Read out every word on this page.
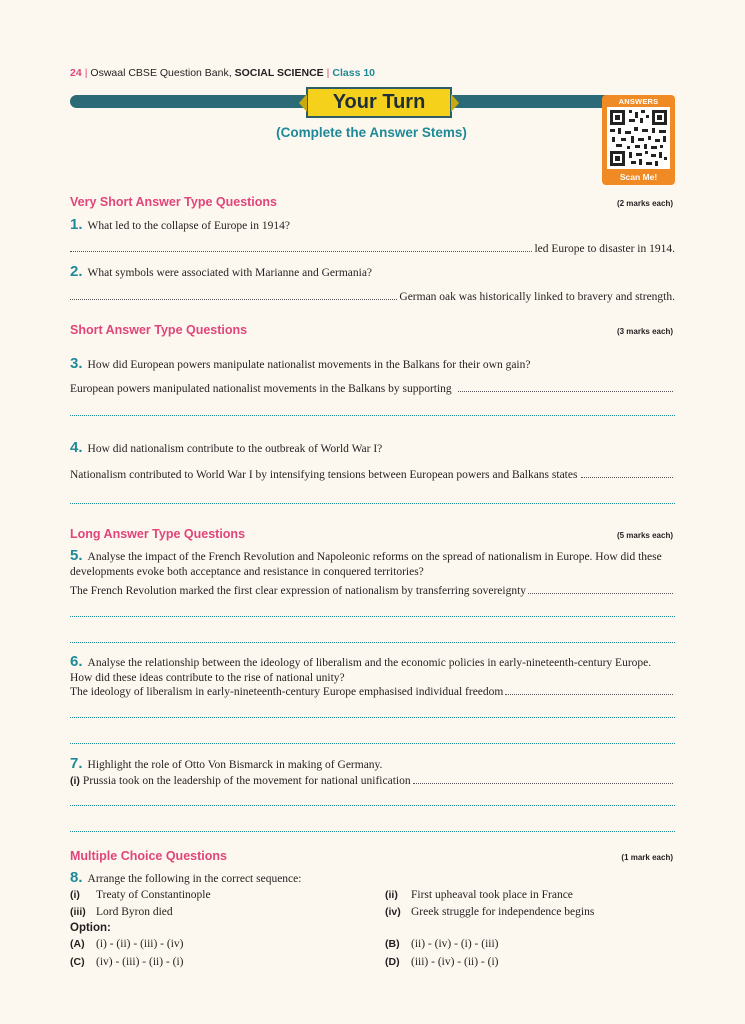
24 | Oswaal CBSE Question Bank, SOCIAL SCIENCE | Class 10
Your Turn
(Complete the Answer Stems)
ANSWERS
Scan Me!
Very Short Answer Type Questions	(2 marks each)
1. What led to the collapse of Europe in 1914?
led Europe to disaster in 1914.
2. What symbols were associated with Marianne and Germania?
German oak was historically linked to bravery and strength.
Short Answer Type Questions	(3 marks each)
3. How did European powers manipulate nationalist movements in the Balkans for their own gain?
European powers manipulated nationalist movements in the Balkans by supporting
4. How did nationalism contribute to the outbreak of World War I?
Nationalism contributed to World War I by intensifying tensions between European powers and Balkans states
Long Answer Type Questions	(5 marks each)
5. Analyse the impact of the French Revolution and Napoleonic reforms on the spread of nationalism in Europe. How did these developments evoke both acceptance and resistance in conquered territories?
The French Revolution marked the first clear expression of nationalism by transferring sovereignty
6. Analyse the relationship between the ideology of liberalism and the economic policies in early-nineteenth-century Europe. How did these ideas contribute to the rise of national unity?
The ideology of liberalism in early-nineteenth-century Europe emphasised individual freedom
7. Highlight the role of Otto Von Bismarck in making of Germany.
(i) Prussia took on the leadership of the movement for national unification
Multiple Choice Questions	(1 mark each)
8. Arrange the following in the correct sequence:
(i) Treaty of Constantinople	(ii) First upheaval took place in France
(iii) Lord Byron died	(iv) Greek struggle for independence begins
Option:
(A) (i) - (ii) - (iii) - (iv)	(B) (ii) - (iv) - (i) - (iii)
(C) (iv) - (iii) - (ii) - (i)	(D) (iii) - (iv) - (ii) - (i)
